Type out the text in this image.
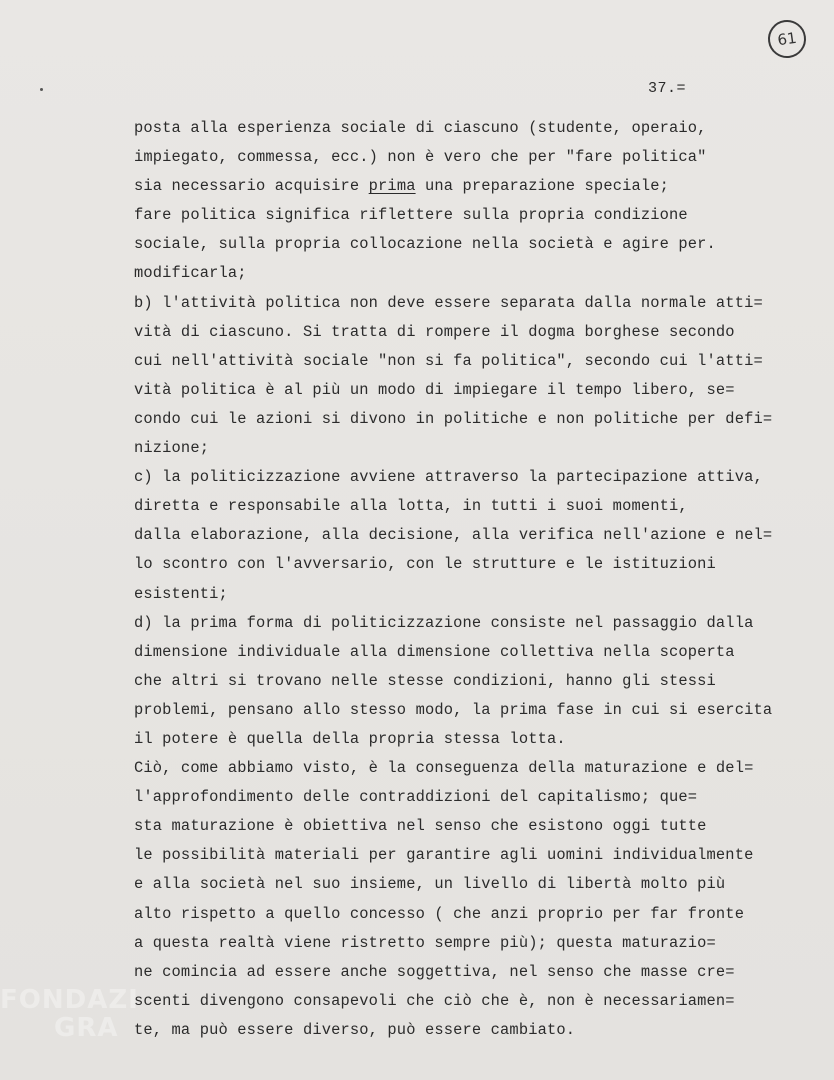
61
37.=
posta alla esperienza sociale di ciascuno (studente, operaio,
impiegato, commessa, ecc.) non è vero che per "fare politica"
sia necessario acquisire prima una preparazione speciale;
fare politica significa riflettere sulla propria condizione
sociale, sulla propria collocazione nella società e agire per.
modificarla;
b) l'attività politica non deve essere separata dalla normale atti=
vità di ciascuno. Si tratta di rompere il dogma borghese secondo
cui nell'attività sociale "non si fa politica", secondo cui l'atti=
vità politica è al più un modo di impiegare il tempo libero, se=
condo cui le azioni si divono in politiche e non politiche per defi=
nizione;
c) la politicizzazione avviene attraverso la partecipazione attiva,
diretta e responsabile alla lotta, in tutti i suoi momenti,
dalla elaborazione, alla decisione, alla verifica nell'azione e nel=
lo scontro con l'avversario, con le strutture e le istituzioni
esistenti;
d) la prima forma di politicizzazione consiste nel passaggio dalla
dimensione individuale alla dimensione collettiva nella scoperta
che altri si trovano nelle stesse condizioni, hanno gli stessi
problemi, pensano allo stesso modo, la prima fase in cui si esercita
il potere è quella della propria stessa lotta.
Ciò, come abbiamo visto, è la conseguenza della maturazione e del=
l'approfondimento delle contraddizioni del capitalismo; que=
sta maturazione è obiettiva nel senso che esistono oggi tutte
le possibilità materiali per garantire agli uomini individualmente
e alla società nel suo insieme, un livello di libertà molto più
alto rispetto a quello concesso ( che anzi proprio per far fronte
a questa realtà viene ristretto sempre più); questa maturazio=
ne comincia ad essere anche soggettiva, nel senso che masse cre=
scenti divengono consapevoli che ciò che è, non è necessariamen=
te, ma può essere diverso, può essere cambiato.
FONDAZI
GRA
